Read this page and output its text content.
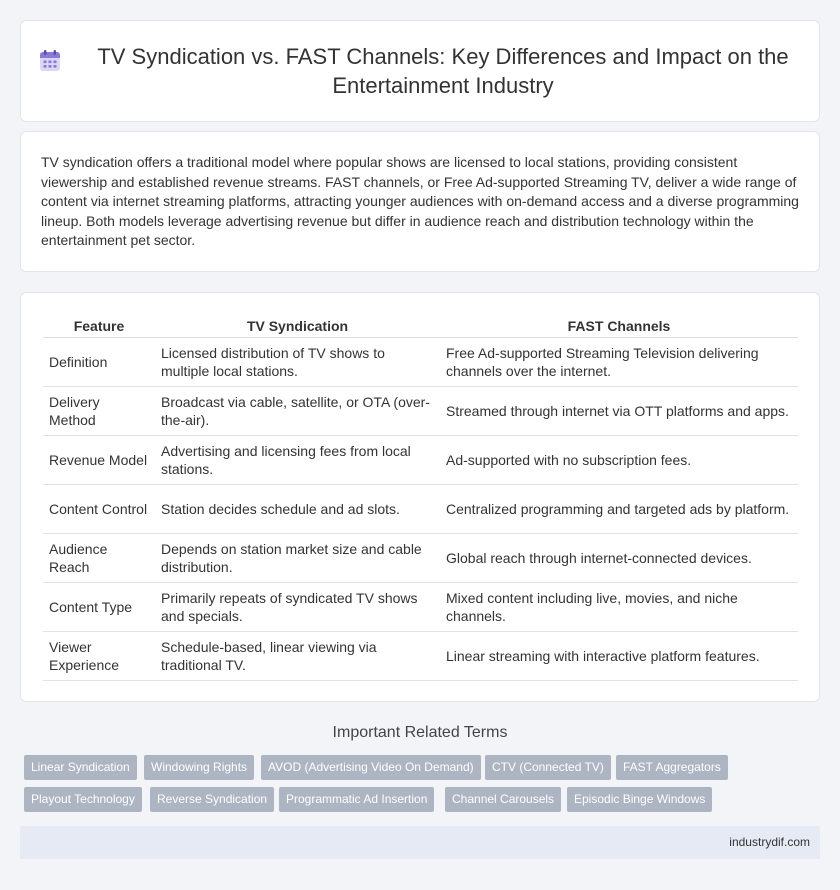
TV Syndication vs. FAST Channels: Key Differences and Impact on the Entertainment Industry

TV syndication offers a traditional model where popular shows are licensed to local stations, providing consistent viewership and established revenue streams. FAST channels, or Free Ad-supported Streaming TV, deliver a wide range of content via internet streaming platforms, attracting younger audiences with on-demand access and a diverse programming lineup. Both models leverage advertising revenue but differ in audience reach and distribution technology within the entertainment pet sector.

Feature	TV Syndication	FAST Channels
Definition	Licensed distribution of TV shows to multiple local stations.	Free Ad-supported Streaming Television delivering channels over the internet.
Delivery Method	Broadcast via cable, satellite, or OTA (over-the-air).	Streamed through internet via OTT platforms and apps.
Revenue Model	Advertising and licensing fees from local stations.	Ad-supported with no subscription fees.
Content Control	Station decides schedule and ad slots.	Centralized programming and targeted ads by platform.
Audience Reach	Depends on station market size and cable distribution.	Global reach through internet-connected devices.
Content Type	Primarily repeats of syndicated TV shows and specials.	Mixed content including live, movies, and niche channels.
Viewer Experience	Schedule-based, linear viewing via traditional TV.	Linear streaming with interactive platform features.
Important Related Terms
Linear Syndication	Windowing Rights	AVOD (Advertising Video On Demand)	CTV (Connected TV)	FAST Aggregators
Playout Technology	Reverse Syndication	Programmatic Ad Insertion	Channel Carousels	Episodic Binge Windows
industrydif.com
